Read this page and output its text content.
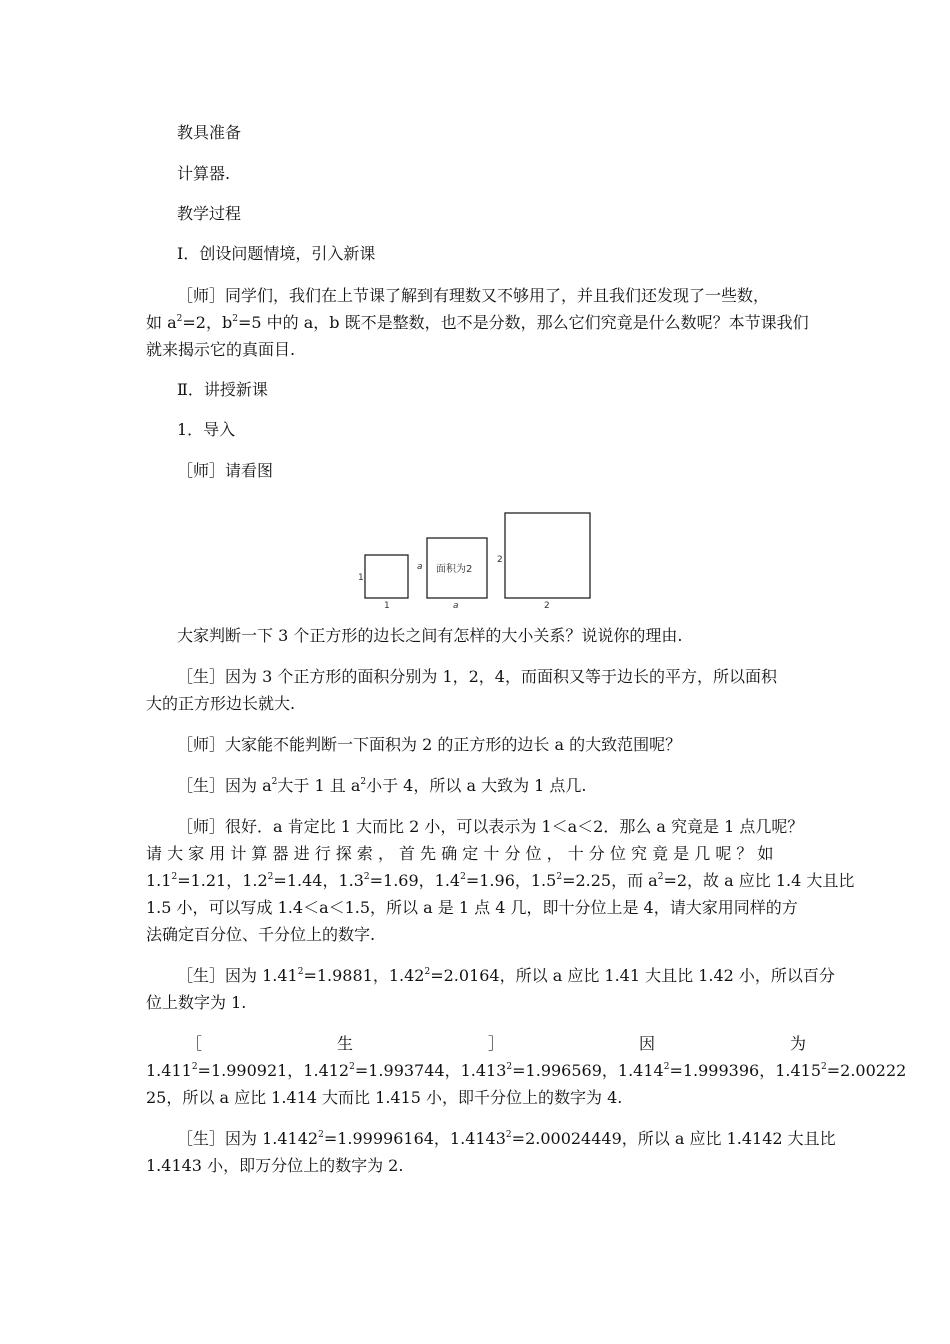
教具准备
计算器.
教学过程
Ⅰ．创设问题情境，引入新课
［师］同学们，我们在上节课了解到有理数又不够用了，并且我们还发现了一些数，
如 $a^2=2$，$b^2=5$ 中的 a，b 既不是整数，也不是分数，那么它们究竟是什么数呢？本节课我们
就来揭示它的真面目.
Ⅱ．讲授新课
1．导入
［师］请看图
1
1
a 面积为2
a
2
2
大家判断一下 3 个正方形的边长之间有怎样的大小关系？说说你的理由.
［生］因为 3 个正方形的面积分别为 1，2，4，而面积又等于边长的平方，所以面积
大的正方形边长就大.
［师］大家能不能判断一下面积为 2 的正方形的边长 a 的大致范围呢？
［生］因为 $a^2$大于 1 且 $a^2$小于 4，所以 a 大致为 1 点几.
［师］很好．a 肯定比 1 大而比 2 小，可以表示为 1＜a＜2．那么 a 究竟是 1 点几呢？
请 大 家 用 计 算 器 进 行 探 索 ， 首 先 确 定 十 分 位 ， 十 分 位 究 竟 是 几 呢 ？ 如
$1.1^2=1.21$，$1.2^2=1.44$，$1.3^2=1.69$，$1.4^2=1.96$，$1.5^2=2.25$，而 $a^2=2$，故 a 应比 1.4 大且比
1.5 小，可以写成 1.4＜a＜1.5，所以 a 是 1 点 4 几，即十分位上是 4，请大家用同样的方
法确定百分位、千分位上的数字.
［生］因为 $1.41^2=1.9881$，$1.42^2=2.0164$，所以 a 应比 1.41 大且比 1.42 小，所以百分
位上数字为 1.
［	生	］	因	为
$1.411^2=1.990921$，$1.412^2=1.993744$，$1.413^2=1.996569$，$1.414^2=1.999396$，$1.415^2=2.00222$
25，所以 a 应比 1.414 大而比 1.415 小，即千分位上的数字为 4.
［生］因为 $1.4142^2=1.99996164$，$1.4143^2=2.00024449$，所以 a 应比 1.4142 大且比
1.4143 小，即万分位上的数字为 2.
